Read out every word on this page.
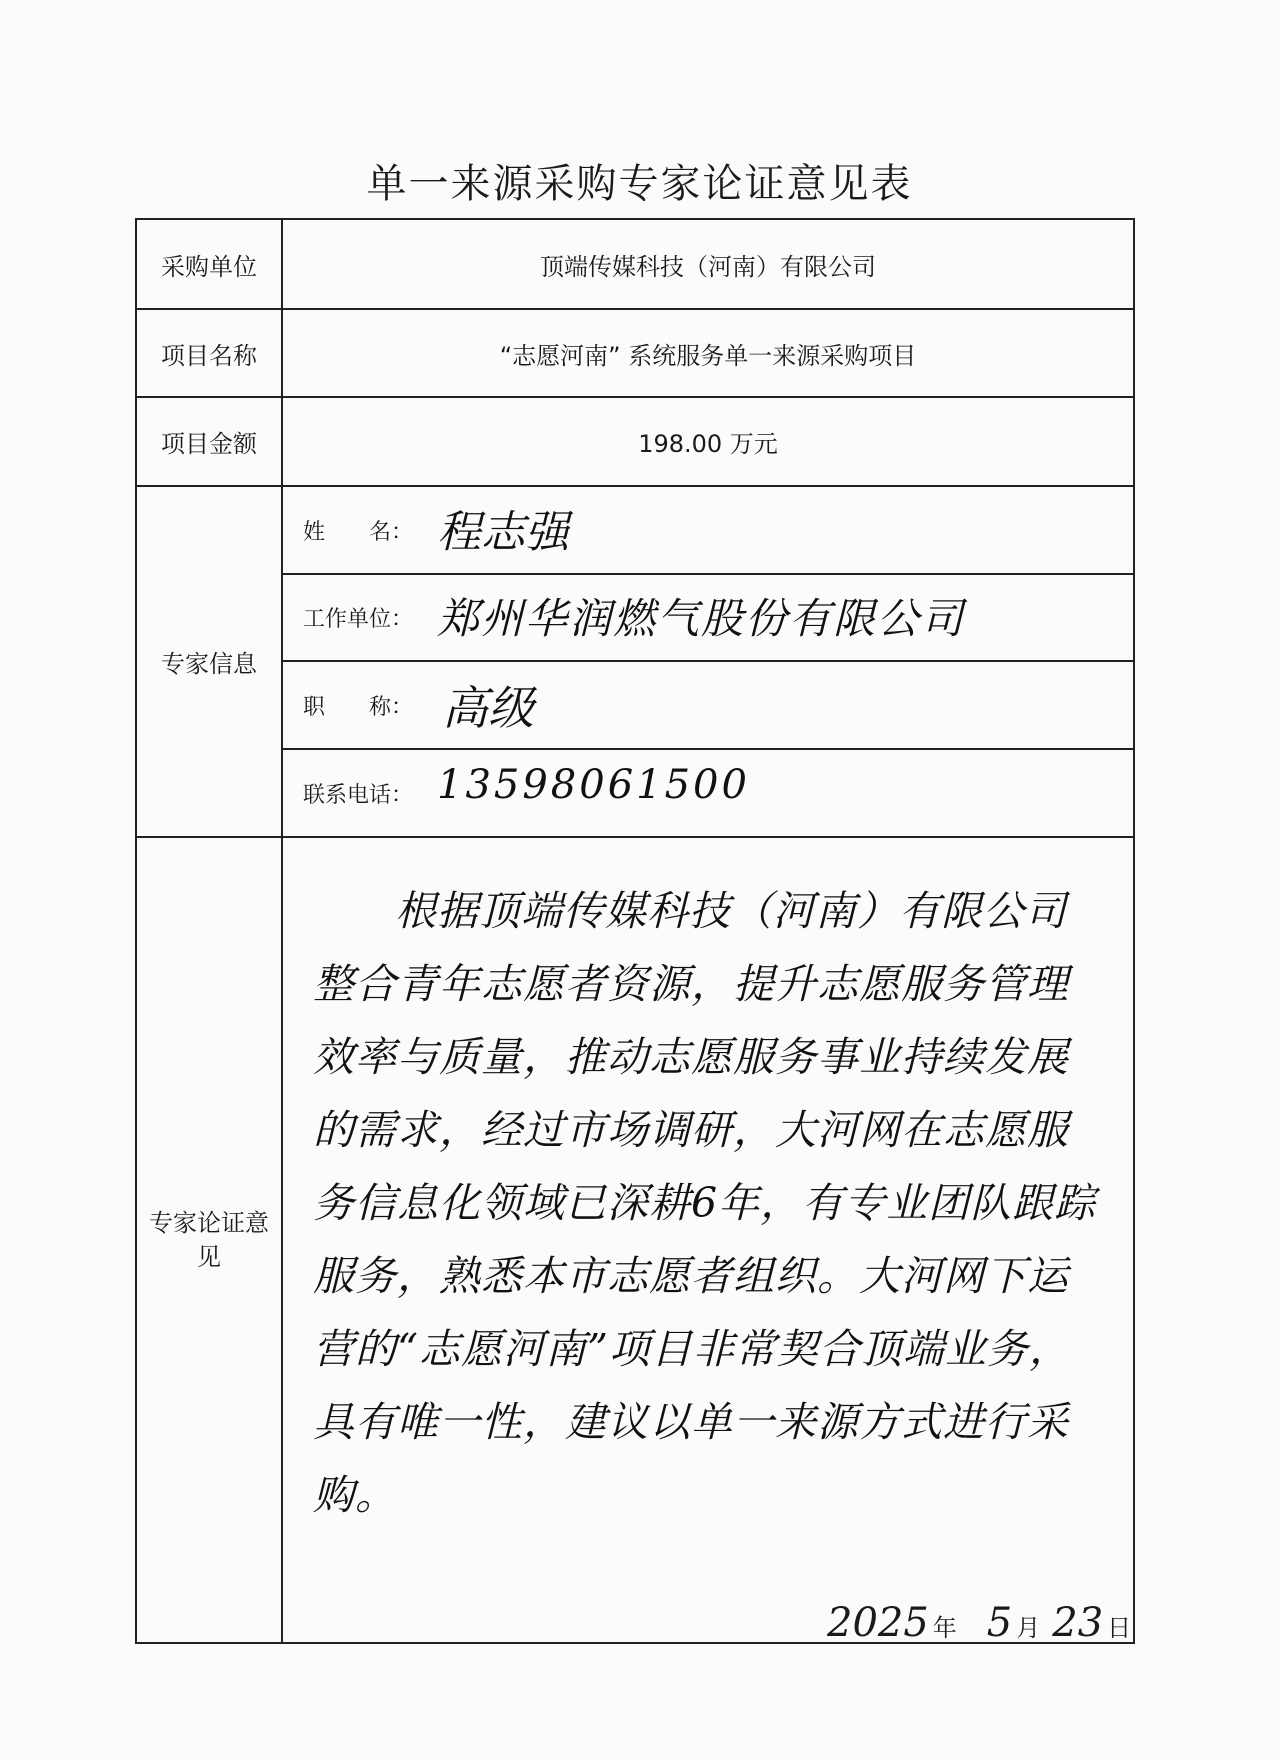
单一来源采购专家论证意见表
采购单位	顶端传媒科技（河南）有限公司
项目名称	“志愿河南” 系统服务单一来源采购项目
项目金额	198.00 万元
专家信息
姓　　名： 程志强
工作单位： 郑州华润燃气股份有限公司
职　　称： 高级
联系电话： 13598061500
专家论证意见
根据顶端传媒科技（河南）有限公司整合青年志愿者资源，提升志愿服务管理效率与质量，推动志愿服务事业持续发展的需求，经过市场调研，大河网在志愿服务信息化领域已深耕6年，有专业团队跟踪服务，熟悉本市志愿者组织。大河网下运营的“志愿河南”项目非常契合顶端业务，具有唯一性，建议以单一来源方式进行采购。
2025 年 5 月 23 日
